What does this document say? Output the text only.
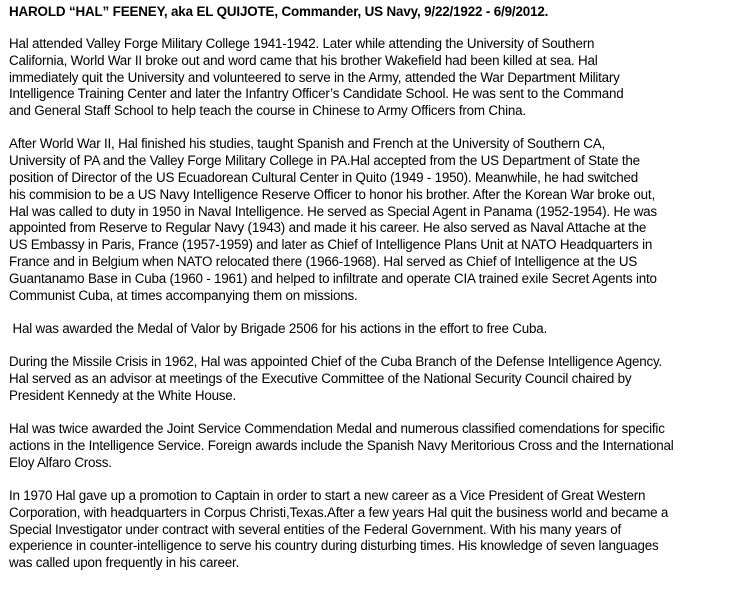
HAROLD “HAL” FEENEY, aka EL QUIJOTE, Commander, US Navy, 9/22/1922 - 6/9/2012.
Hal attended Valley Forge Military College 1941-1942. Later while attending the University of Southern
California, World War II broke out and word came that his brother Wakefield had been killed at sea. Hal
immediately quit the University and volunteered to serve in the Army, attended the War Department Military
Intelligence Training Center and later the Infantry Officer’s Candidate School. He was sent to the Command
and General Staff School to help teach the course in Chinese to Army Officers from China.
After World War II, Hal finished his studies, taught Spanish and French at the University of Southern CA,
University of PA and the Valley Forge Military College in PA.Hal accepted from the US Department of State the
position of Director of the US Ecuadorean Cultural Center in Quito (1949 - 1950). Meanwhile, he had switched
his commision to be a US Navy Intelligence Reserve Officer to honor his brother. After the Korean War broke out,
Hal was called to duty in 1950 in Naval Intelligence. He served as Special Agent in Panama (1952-1954). He was
appointed from Reserve to Regular Navy (1943) and made it his career. He also served as Naval Attache at the
US Embassy in Paris, France (1957-1959) and later as Chief of Intelligence Plans Unit at NATO Headquarters in
France and in Belgium when NATO relocated there (1966-1968). Hal served as Chief of Intelligence at the US
Guantanamo Base in Cuba (1960 - 1961) and helped to infiltrate and operate CIA trained exile Secret Agents into
Communist Cuba, at times accompanying them on missions.
Hal was awarded the Medal of Valor by Brigade 2506 for his actions in the effort to free Cuba.
During the Missile Crisis in 1962, Hal was appointed Chief of the Cuba Branch of the Defense Intelligence Agency.
Hal served as an advisor at meetings of the Executive Committee of the National Security Council chaired by
President Kennedy at the White House.
Hal was twice awarded the Joint Service Commendation Medal and numerous classified comendations for specific
actions in the Intelligence Service. Foreign awards include the Spanish Navy Meritorious Cross and the International
Eloy Alfaro Cross.
In 1970 Hal gave up a promotion to Captain in order to start a new career as a Vice President of Great Western
Corporation, with headquarters in Corpus Christi,Texas.After a few years Hal quit the business world and became a
Special Investigator under contract with several entities of the Federal Government. With his many years of
experience in counter-intelligence to serve his country during disturbing times. His knowledge of seven languages
was called upon frequently in his career.
